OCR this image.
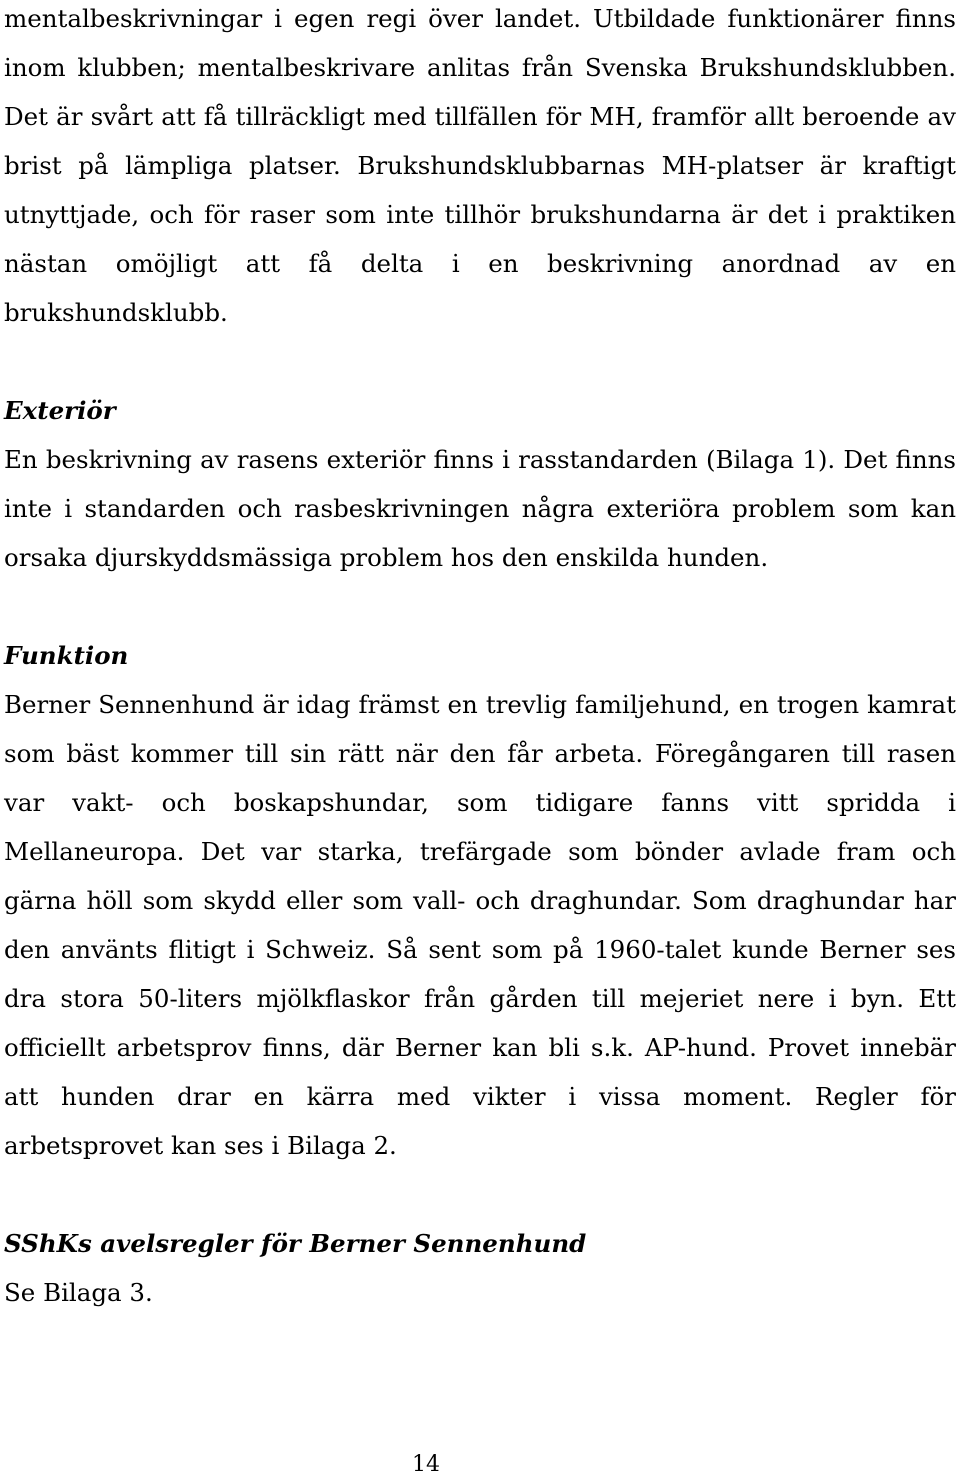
mentalbeskrivningar i egen regi över landet. Utbildade funktionärer finns inom klubben; mentalbeskrivare anlitas från Svenska Brukshundsklubben. Det är svårt att få tillräckligt med tillfällen för MH, framför allt beroende av brist på lämpliga platser. Brukshundsklubbarnas MH-platser är kraftigt utnyttjade, och för raser som inte tillhör brukshundarna är det i praktiken nästan omöjligt att få delta i en beskrivning anordnad av en brukshundsklubb.

Exteriör

En beskrivning av rasens exteriör finns i rasstandarden (Bilaga 1). Det finns inte i standarden och rasbeskrivningen några exteriöra problem som kan orsaka djurskyddsmässiga problem hos den enskilda hunden.

Funktion

Berner Sennenhund är idag främst en trevlig familjehund, en trogen kamrat som bäst kommer till sin rätt när den får arbeta. Föregångaren till rasen var vakt- och boskapshundar, som tidigare fanns vitt spridda i Mellaneuropa. Det var starka, trefärgade som bönder avlade fram och gärna höll som skydd eller som vall- och draghundar. Som draghundar har den använts flitigt i Schweiz. Så sent som på 1960-talet kunde Berner ses dra stora 50-liters mjölkflaskor från gården till mejeriet nere i byn. Ett officiellt arbetsprov finns, där Berner kan bli s.k. AP-hund. Provet innebär att hunden drar en kärra med vikter i vissa moment. Regler för arbetsprovet kan ses i Bilaga 2.

SShKs avelsregler för Berner Sennenhund

Se Bilaga 3.

14
